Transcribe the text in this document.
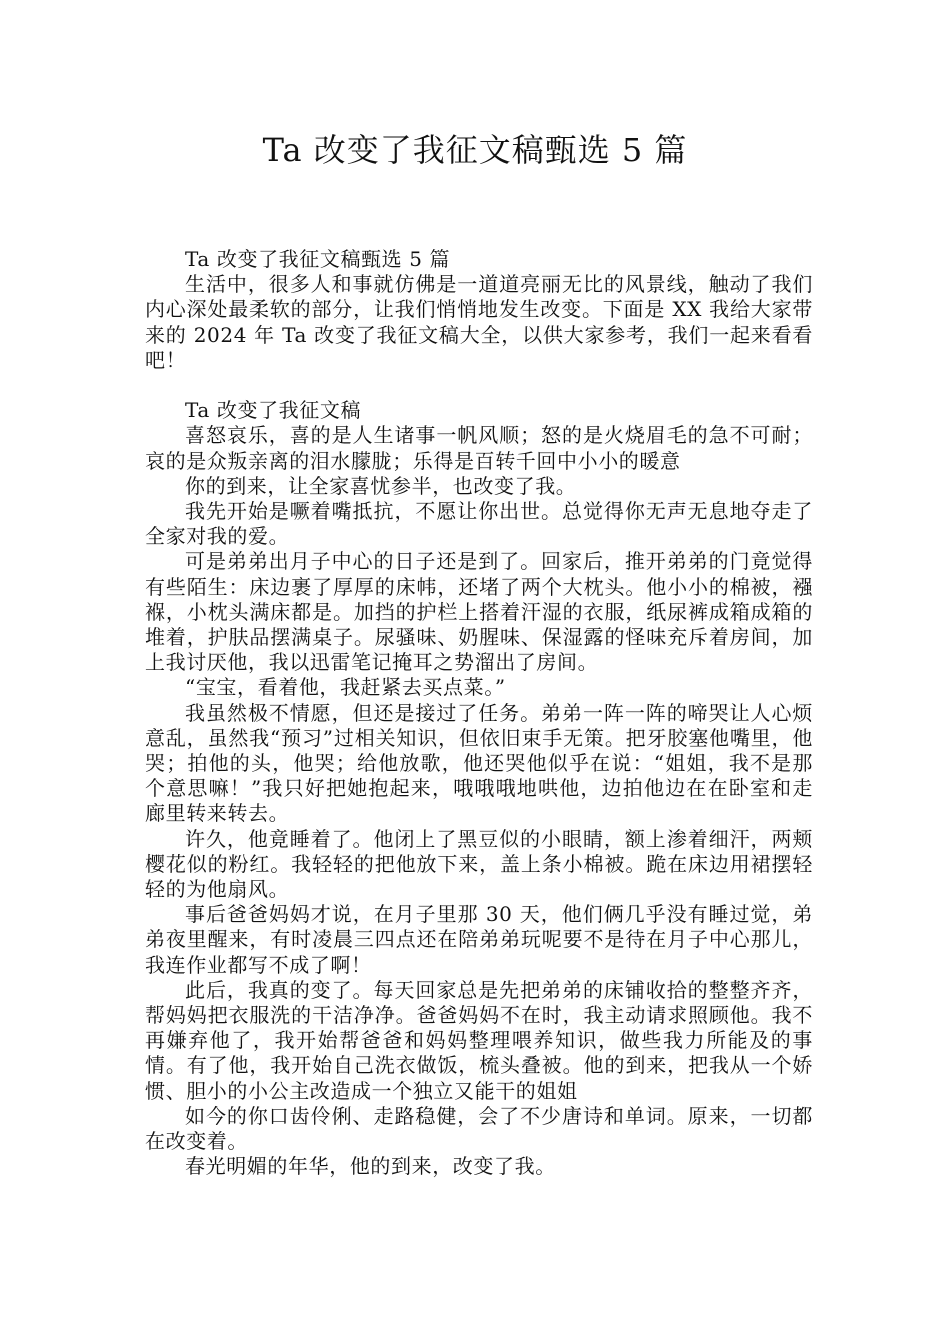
Ta 改变了我征文稿甄选 5 篇

Ta 改变了我征文稿甄选 5 篇

生活中，很多人和事就仿佛是一道道亮丽无比的风景线，触动了我们内心深处最柔软的部分，让我们悄悄地发生改变。下面是 XX 我给大家带来的 2024 年 Ta 改变了我征文稿大全，以供大家参考，我们一起来看看吧！

Ta 改变了我征文稿

喜怒哀乐，喜的是人生诸事一帆风顺；怒的是火烧眉毛的急不可耐；哀的是众叛亲离的泪水朦胧；乐得是百转千回中小小的暖意

你的到来，让全家喜忧参半，也改变了我。

我先开始是噘着嘴抵抗，不愿让你出世。总觉得你无声无息地夺走了全家对我的爱。

可是弟弟出月子中心的日子还是到了。回家后，推开弟弟的门竟觉得有些陌生：床边裹了厚厚的床帏，还堵了两个大枕头。他小小的棉被，襁褓，小枕头满床都是。加挡的护栏上搭着汗湿的衣服，纸尿裤成箱成箱的堆着，护肤品摆满桌子。尿骚味、奶腥味、保湿露的怪味充斥着房间，加上我讨厌他，我以迅雷笔记掩耳之势溜出了房间。

“宝宝，看着他，我赶紧去买点菜。”

我虽然极不情愿，但还是接过了任务。弟弟一阵一阵的啼哭让人心烦意乱，虽然我“预习”过相关知识，但依旧束手无策。把牙胶塞他嘴里，他哭；拍他的头，他哭；给他放歌，他还哭他似乎在说：“姐姐，我不是那个意思嘛！”我只好把她抱起来，哦哦哦地哄他，边拍他边在在卧室和走廊里转来转去。

许久，他竟睡着了。他闭上了黑豆似的小眼睛，额上渗着细汗，两颊樱花似的粉红。我轻轻的把他放下来，盖上条小棉被。跪在床边用裙摆轻轻的为他扇风。

事后爸爸妈妈才说，在月子里那 30 天，他们俩几乎没有睡过觉，弟弟夜里醒来，有时凌晨三四点还在陪弟弟玩呢要不是待在月子中心那儿，我连作业都写不成了啊！

此后，我真的变了。每天回家总是先把弟弟的床铺收拾的整整齐齐，帮妈妈把衣服洗的干洁净净。爸爸妈妈不在时，我主动请求照顾他。我不再嫌弃他了，我开始帮爸爸和妈妈整理喂养知识，做些我力所能及的事情。有了他，我开始自己洗衣做饭，梳头叠被。他的到来，把我从一个娇惯、胆小的小公主改造成一个独立又能干的姐姐

如今的你口齿伶俐、走路稳健，会了不少唐诗和单词。原来，一切都在改变着。

春光明媚的年华，他的到来，改变了我。
